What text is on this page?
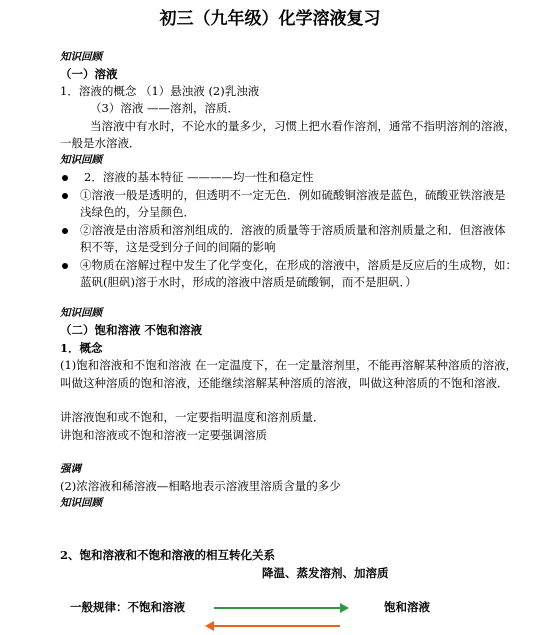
初三（九年级）化学溶液复习
知识回顾
（一）溶液
1．溶液的概念 （1）悬浊液 (2)乳浊液
（3）溶液 ——溶剂，溶质．
当溶液中有水时，不论水的量多少，习惯上把水看作溶剂，通常不指明溶剂的溶液，
一般是水溶液．
知识回顾
2．溶液的基本特征 ————均一性和稳定性
①溶液一般是透明的，但透明不一定无色．例如硫酸铜溶液是蓝色，硫酸亚铁溶液是
浅绿色的，分呈颜色．
②溶液是由溶质和溶剂组成的．溶液的质量等于溶质质量和溶剂质量之和．但溶液体
积不等，这是受到分子间的间隔的影响
④物质在溶解过程中发生了化学变化，在形成的溶液中，溶质是反应后的生成物，如：
蓝矾(胆矾)溶于水时，形成的溶液中溶质是硫酸铜，而不是胆矾．）
知识回顾
（二）饱和溶液 不饱和溶液
1．概念
(1)饱和溶液和不饱和溶液 在一定温度下，在一定量溶剂里，不能再溶解某种溶质的溶液，
叫做这种溶质的饱和溶液，还能继续溶解某种溶质的溶液，叫做这种溶质的不饱和溶液．
讲溶液饱和或不饱和，一定要指明温度和溶剂质量．
讲饱和溶液或不饱和溶液一定要强调溶质
强调
(2)浓溶液和稀溶液—相略地表示溶液里溶质含量的多少
知识回顾
2、饱和溶液和不饱和溶液的相互转化关系
降温、蒸发溶剂、加溶质
一般规律：不饱和溶液	饱和溶液
